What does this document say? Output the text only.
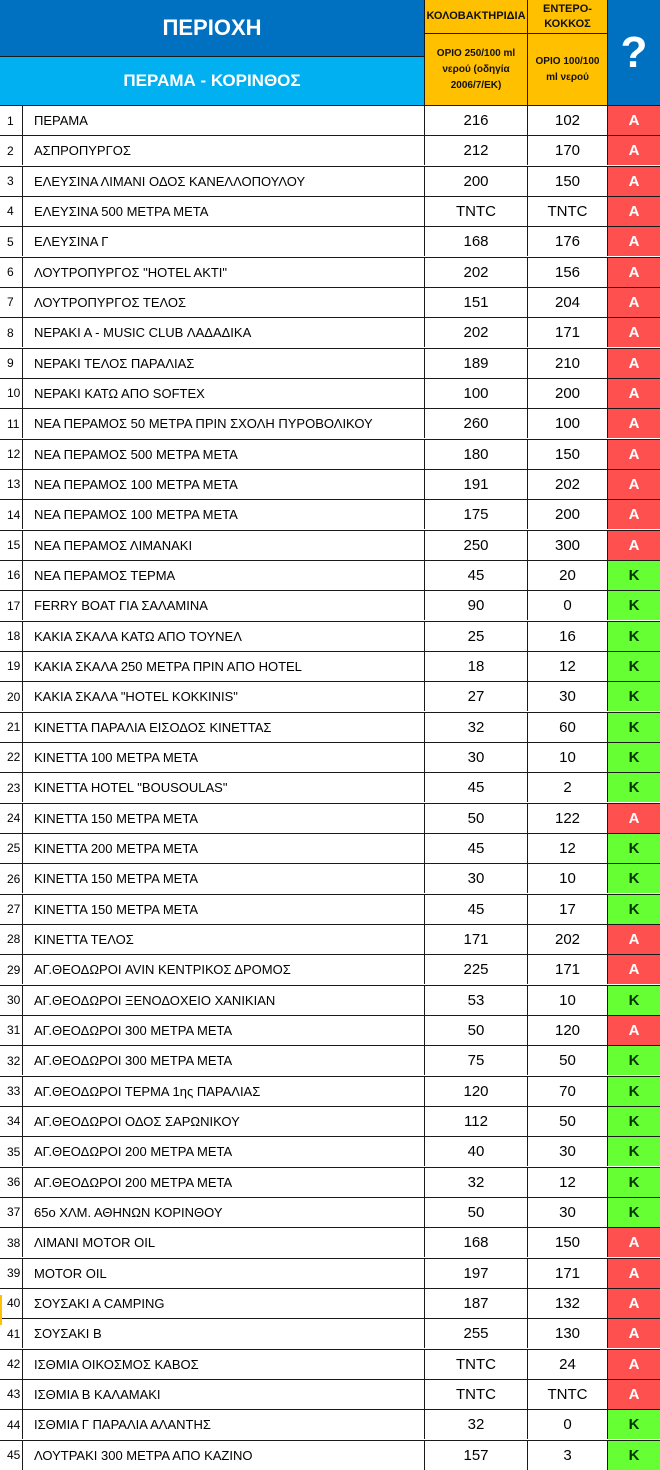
ΠΕΡΙΟΧΗ
ΠΕΡΑΜΑ - ΚΟΡΙΝΘΟΣ
ΚΟΛΟΒΑΚΤΗΡΙΔΙΑ
ΟΡΙΟ 250/100 ml νερού (οδηγία 2006/7/ΕΚ)
ΕΝΤΕΡΟ-ΚΟΚΚΟΣ
ΟΡΙΟ 100/100 ml νερού
?
1	ΠΕΡΑΜΑ	216	102	A
2	ΑΣΠΡΟΠΥΡΓΟΣ	212	170	A
3	ΕΛΕΥΣΙΝΑ ΛΙΜΑΝΙ ΟΔΟΣ ΚΑΝΕΛΛΟΠΟΥΛΟΥ	200	150	A
4	ΕΛΕΥΣΙΝΑ 500 ΜΕΤΡΑ ΜΕΤΑ	TNTC	TNTC	A
5	ΕΛΕΥΣΙΝΑ Γ	168	176	A
6	ΛΟΥΤΡΟΠΥΡΓΟΣ "HOTEL AKTI"	202	156	A
7	ΛΟΥΤΡΟΠΥΡΓΟΣ ΤΕΛΟΣ	151	204	A
8	ΝΕΡΑΚΙ Α - MUSIC CLUB ΛΑΔΑΔΙΚΑ	202	171	A
9	ΝΕΡΑΚΙ ΤΕΛΟΣ ΠΑΡΑΛΙΑΣ	189	210	A
10	ΝΕΡΑΚΙ ΚΑΤΩ ΑΠΟ SOFTEX	100	200	A
11	ΝΕΑ ΠΕΡΑΜΟΣ 50 ΜΕΤΡΑ ΠΡΙΝ ΣΧΟΛΗ ΠΥΡΟΒΟΛΙΚΟΥ	260	100	A
12	ΝΕΑ ΠΕΡΑΜΟΣ 500 ΜΕΤΡΑ ΜΕΤΑ	180	150	A
13	ΝΕΑ ΠΕΡΑΜΟΣ 100 ΜΕΤΡΑ ΜΕΤΑ	191	202	A
14	ΝΕΑ ΠΕΡΑΜΟΣ 100 ΜΕΤΡΑ ΜΕΤΑ	175	200	A
15	ΝΕΑ ΠΕΡΑΜΟΣ ΛΙΜΑΝΑΚΙ	250	300	A
16	ΝΕΑ ΠΕΡΑΜΟΣ ΤΕΡΜΑ	45	20	K
17	FERRY BOAT ΓΙΑ ΣΑΛΑΜΙΝΑ	90	0	K
18	ΚΑΚΙΑ ΣΚΑΛΑ ΚΑΤΩ ΑΠΟ ΤΟΥΝΕΛ	25	16	K
19	ΚΑΚΙΑ ΣΚΑΛΑ 250 ΜΕΤΡΑ ΠΡΙΝ ΑΠΟ HOTEL	18	12	K
20	ΚΑΚΙΑ ΣΚΑΛΑ "HOTEL KOKKINIS"	27	30	K
21	ΚΙΝΕΤΤΑ ΠΑΡΑΛΙΑ ΕΙΣΟΔΟΣ ΚΙΝΕΤΤΑΣ	32	60	K
22	ΚΙΝΕΤΤΑ 100 ΜΕΤΡΑ ΜΕΤΑ	30	10	K
23	ΚΙΝΕΤΤΑ HOTEL "BOUSOULAS"	45	2	K
24	ΚΙΝΕΤΤΑ 150 ΜΕΤΡΑ ΜΕΤΑ	50	122	A
25	ΚΙΝΕΤΤΑ 200 ΜΕΤΡΑ ΜΕΤΑ	45	12	K
26	ΚΙΝΕΤΤΑ 150 ΜΕΤΡΑ ΜΕΤΑ	30	10	K
27	ΚΙΝΕΤΤΑ 150 ΜΕΤΡΑ ΜΕΤΑ	45	17	K
28	ΚΙΝΕΤΤΑ ΤΕΛΟΣ	171	202	A
29	ΑΓ.ΘΕΟΔΩΡΟΙ AVIN ΚΕΝΤΡΙΚΟΣ ΔΡΟΜΟΣ	225	171	A
30	ΑΓ.ΘΕΟΔΩΡΟΙ ΞΕΝΟΔΟΧΕΙΟ ΧΑΝΙΚΙΑΝ	53	10	K
31	ΑΓ.ΘΕΟΔΩΡΟΙ 300 ΜΕΤΡΑ ΜΕΤΑ	50	120	A
32	ΑΓ.ΘΕΟΔΩΡΟΙ 300 ΜΕΤΡΑ ΜΕΤΑ	75	50	K
33	ΑΓ.ΘΕΟΔΩΡΟΙ ΤΕΡΜΑ 1ης ΠΑΡΑΛΙΑΣ	120	70	K
34	ΑΓ.ΘΕΟΔΩΡΟΙ ΟΔΟΣ ΣΑΡΩΝΙΚΟΥ	112	50	K
35	ΑΓ.ΘΕΟΔΩΡΟΙ 200 ΜΕΤΡΑ ΜΕΤΑ	40	30	K
36	ΑΓ.ΘΕΟΔΩΡΟΙ 200 ΜΕΤΡΑ ΜΕΤΑ	32	12	K
37	65ο ΧΛΜ. ΑΘΗΝΩΝ ΚΟΡΙΝΘΟΥ	50	30	K
38	ΛΙΜΑΝΙ MOTOR OIL	168	150	A
39	MOTOR OIL	197	171	A
40	ΣΟΥΣΑΚΙ Α CAMPING	187	132	A
41	ΣΟΥΣΑΚΙ Β	255	130	A
42	ΙΣΘΜΙΑ ΟΙΚΟΣΜΟΣ ΚΑΒΟΣ	TNTC	24	A
43	ΙΣΘΜΙΑ Β ΚΑΛΑΜΑΚΙ	TNTC	TNTC	A
44	ΙΣΘΜΙΑ Γ ΠΑΡΑΛΙΑ ΑΛΑΝΤΗΣ	32	0	K
45	ΛΟΥΤΡΑΚΙ 300 ΜΕΤΡΑ ΑΠΟ ΚΑΖΙΝΟ	157	3	K
